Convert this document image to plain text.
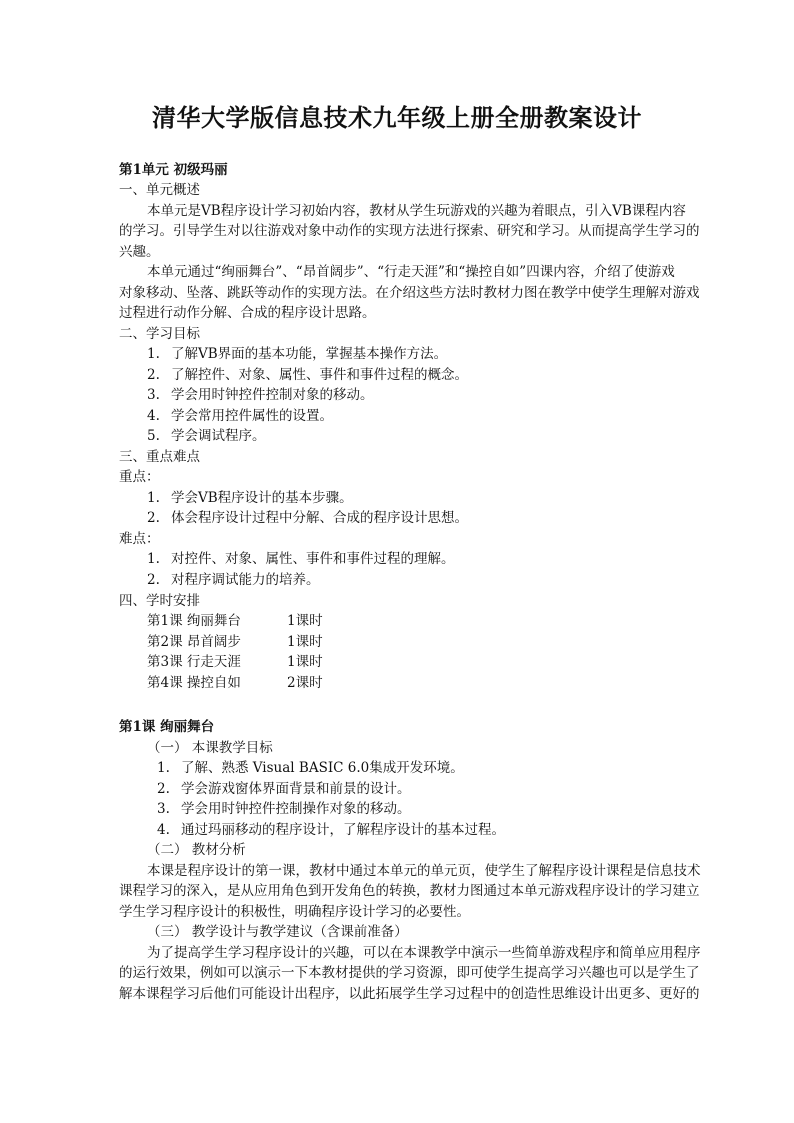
清华大学版信息技术九年级上册全册教案设计
第1单元 初级玛丽
一、单元概述
本单元是VB程序设计学习初始内容，教材从学生玩游戏的兴趣为着眼点，引入VB课程内容
的学习。引导学生对以往游戏对象中动作的实现方法进行探索、研究和学习。从而提高学生学习的
兴趣。
本单元通过“绚丽舞台”、“昂首阔步”、“行走天涯”和“操控自如”四课内容，介绍了使游戏
对象移动、坠落、跳跃等动作的实现方法。在介绍这些方法时教材力图在教学中使学生理解对游戏
过程进行动作分解、合成的程序设计思路。
二、学习目标
1. 了解VB界面的基本功能，掌握基本操作方法。
2. 了解控件、对象、属性、事件和事件过程的概念。
3. 学会用时钟控件控制对象的移动。
4. 学会常用控件属性的设置。
5. 学会调试程序。
三、重点难点
重点：
1. 学会VB程序设计的基本步骤。
2. 体会程序设计过程中分解、合成的程序设计思想。
难点：
1. 对控件、对象、属性、事件和事件过程的理解。
2. 对程序调试能力的培养。
四、学时安排
第1课 绚丽舞台	1课时
第2课 昂首阔步	1课时
第3课 行走天涯	1课时
第4课 操控自如	2课时
第1课 绚丽舞台
（一） 本课教学目标
1. 了解、熟悉 Visual BASIC 6.0集成开发环境。
2. 学会游戏窗体界面背景和前景的设计。
3. 学会用时钟控件控制操作对象的移动。
4. 通过玛丽移动的程序设计，了解程序设计的基本过程。
（二） 教材分析
本课是程序设计的第一课，教材中通过本单元的单元页，使学生了解程序设计课程是信息技术
课程学习的深入，是从应用角色到开发角色的转换，教材力图通过本单元游戏程序设计的学习建立
学生学习程序设计的积极性，明确程序设计学习的必要性。
（三） 教学设计与教学建议（含课前准备）
为了提高学生学习程序设计的兴趣，可以在本课教学中演示一些简单游戏程序和简单应用程序
的运行效果，例如可以演示一下本教材提供的学习资源，即可使学生提高学习兴趣也可以是学生了
解本课程学习后他们可能设计出程序，以此拓展学生学习过程中的创造性思维设计出更多、更好的
